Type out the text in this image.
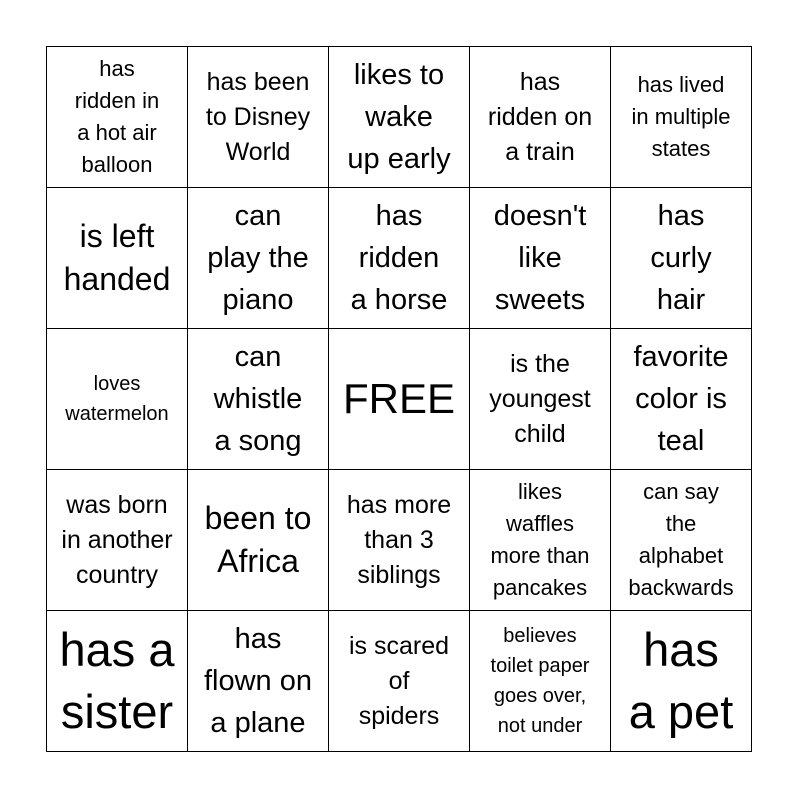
has
ridden in
a hot air
balloon
has been
to Disney
World
likes to
wake
up early
has
ridden on
a train
has lived
in multiple
states
is left
handed
can
play the
piano
has
ridden
a horse
doesn't
like
sweets
has
curly
hair
loves
watermelon
can
whistle
a song
FREE
is the
youngest
child
favorite
color is
teal
was born
in another
country
been to
Africa
has more
than 3
siblings
likes
waffles
more than
pancakes
can say
the
alphabet
backwards
has a
sister
has
flown on
a plane
is scared
of
spiders
believes
toilet paper
goes over,
not under
has
a pet
